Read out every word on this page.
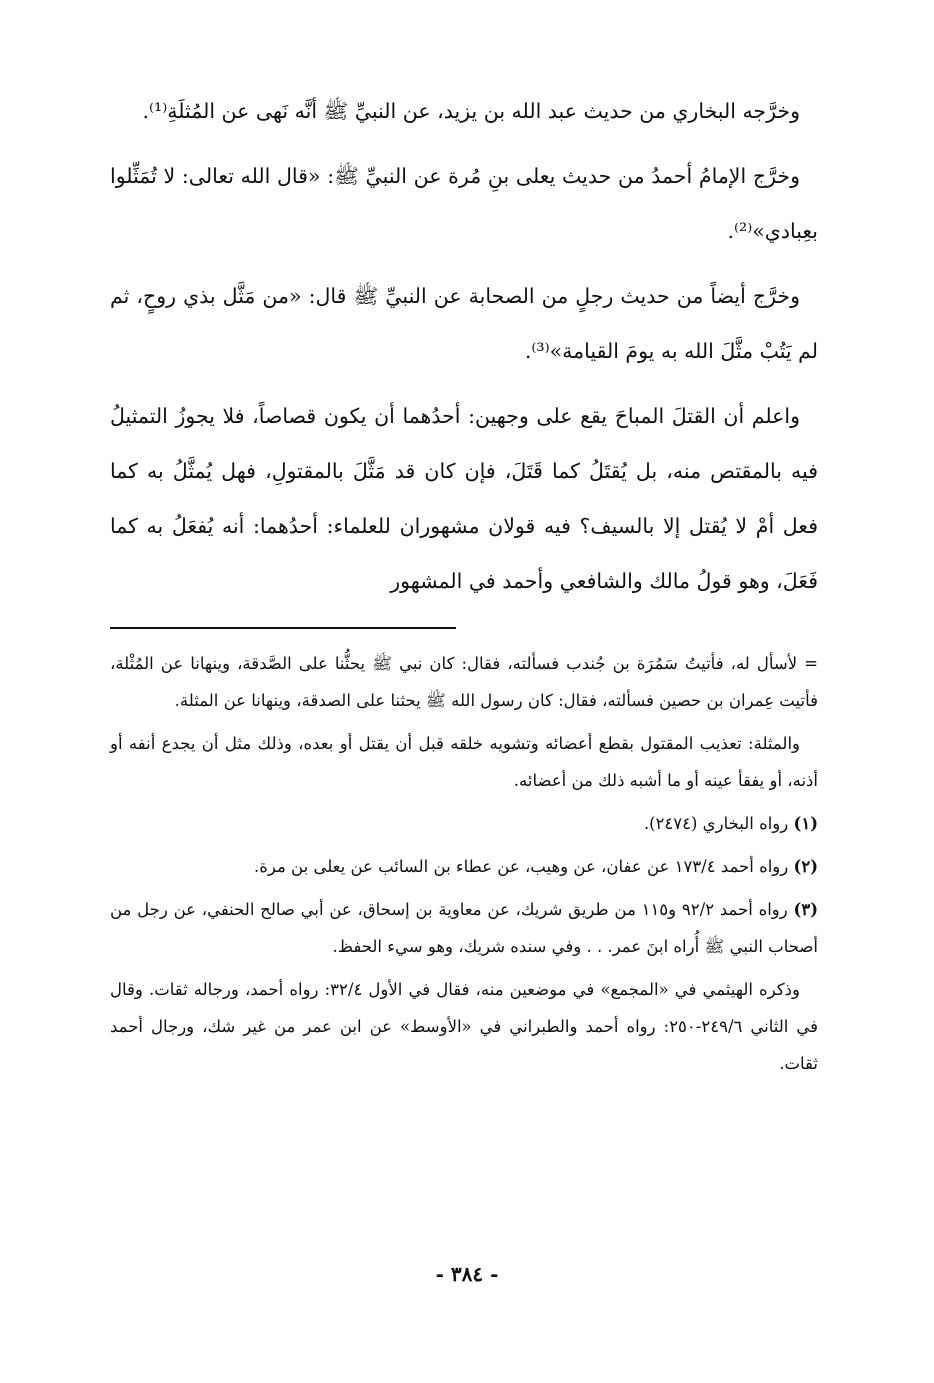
وخرَّجه البخاري من حديث عبد الله بن يزيد، عن النبيِّ ﷺ أنَّه نَهى عن المُثلَةِ⁽¹⁾.

وخرَّج الإمامُ أحمدُ من حديث يعلى بنِ مُرة عن النبيِّ ﷺ: «قال الله تعالى: لا تُمَثِّلوا بعِبادي»⁽²⁾.

وخرَّج أيضاً من حديث رجلٍ من الصحابة عن النبيِّ ﷺ قال: «من مَثَّل بذي روحٍ، ثم لم يَتُبْ مثَّلَ الله به يومَ القيامة»⁽³⁾.

واعلم أن القتلَ المباحَ يقع على وجهين: أحدُهما أن يكون قصاصاً، فلا يجوزُ التمثيلُ فيه بالمقتص منه، بل يُقتَلُ كما قَتَلَ، فإن كان قد مَثَّلَ بالمقتولِ، فهل يُمثَّلُ به كما فعل أمْ لا يُقتل إلا بالسيف؟ فيه قولان مشهوران للعلماء: أحدُهما: أنه يُفعَلُ به كما فَعَلَ، وهو قولُ مالك والشافعي وأحمد في المشهور

= لأسأل له، فأتيتُ سَمُرَة بن جُندب فسألته، فقال: كان نبي ﷺ يحثُّنا على الصَّدقة، وينهانا عن المُثْلة، فأتيت عِمران بن حصين فسألته، فقال: كان رسول الله ﷺ يحثنا على الصدقة، وينهانا عن المثلة.

والمثلة: تعذيب المقتول بقطع أعضائه وتشويه خلقه قبل أن يقتل أو بعده، وذلك مثل أن يجدع أنفه أو أذنه، أو يفقأ عينه أو ما أشبه ذلك من أعضائه.

(١) رواه البخاري (٢٤٧٤).

(٢) رواه أحمد ١٧٣/٤ عن عفان، عن وهيب، عن عطاء بن السائب عن يعلى بن مرة.

(٣) رواه أحمد ٩٢/٢ و١١٥ من طريق شريك، عن معاوية بن إسحاق، عن أبي صالح الحنفي، عن رجل من أصحاب النبي ﷺ أُراه ابنَ عمر. . . وفي سنده شريك، وهو سيء الحفظ.

وذكره الهيثمي في «المجمع» في موضعين منه، فقال في الأول ٣٢/٤: رواه أحمد، ورجاله ثقات. وقال في الثاني ٢٤٩/٦-٢٥٠: رواه أحمد والطبراني في «الأوسط» عن ابن عمر من غير شك، ورجال أحمد ثقات.

- ٣٨٤ -
